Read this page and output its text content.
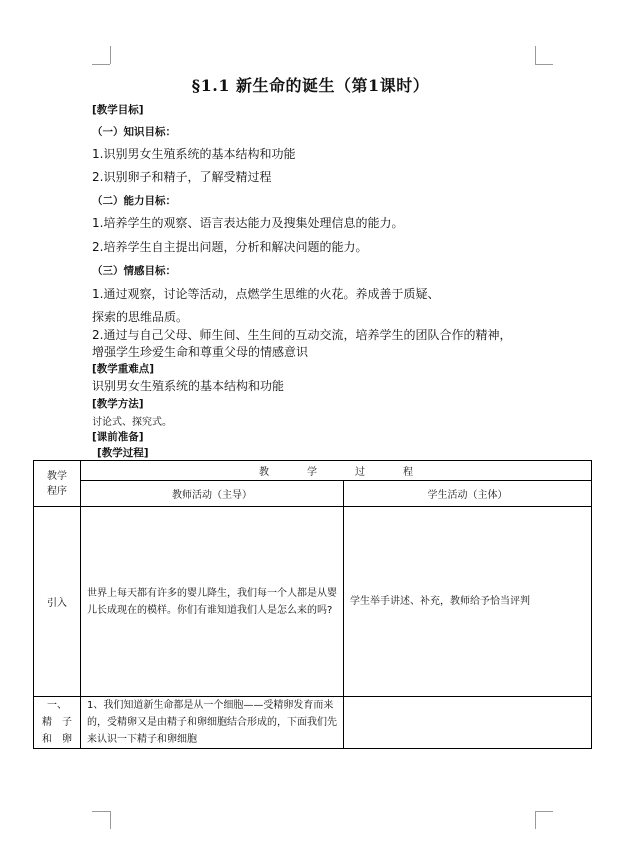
§1.1 新生命的诞生（第1课时）
[教学目标]
（一）知识目标：
1.识别男女生殖系统的基本结构和功能
2.识别卵子和精子，了解受精过程
（二）能力目标：
1.培养学生的观察、语言表达能力及搜集处理信息的能力。
2.培养学生自主提出问题，分析和解决问题的能力。
（三）情感目标：
1.通过观察，讨论等活动，点燃学生思维的火花。养成善于质疑、
探索的思维品质。
2.通过与自己父母、师生间、生生间的互动交流，培养学生的团队合作的精神，
增强学生珍爱生命和尊重父母的情感意识
[教学重难点]
识别男女生殖系统的基本结构和功能
[教学方法]
讨论式、探究式。
[课前准备]
[教学过程]
教学
程序	教学过程	
	教师活动（主导）	学生活动（主体）
引入	世界上每天都有许多的婴儿降生，我们每一个人都是从婴儿长成现在的模样。你们有谁知道我们人是怎么来的吗?	学生举手讲述、补充，教师给予恰当评判

一、
精　子
和　卵	1、我们知道新生命都是从一个细胞——受精卵发育而来的，受精卵又是由精子和卵细胞结合形成的，下面我们先来认识一下精子和卵细胞	
